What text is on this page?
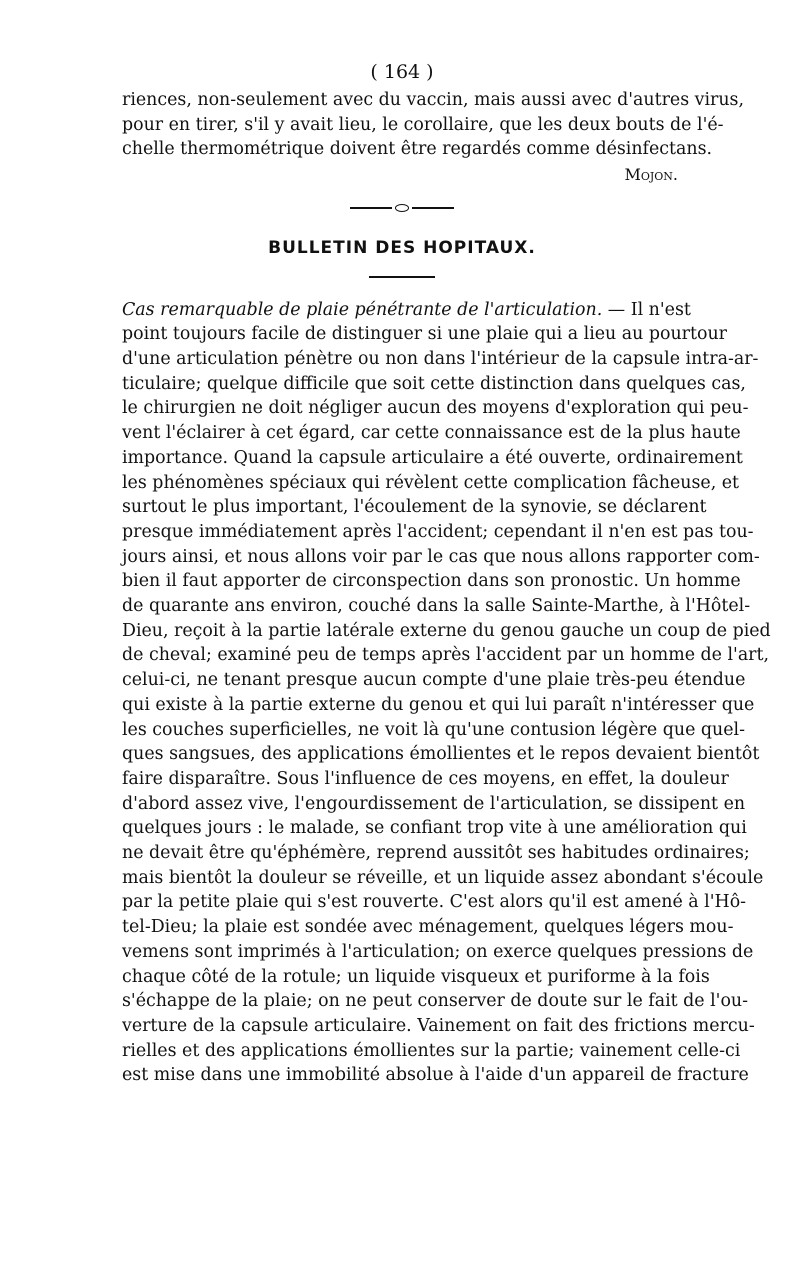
( 164 )
riences, non-seulement avec du vaccin, mais aussi avec d'autres virus,
pour en tirer, s'il y avait lieu, le corollaire, que les deux bouts de l'é-
chelle thermométrique doivent être regardés comme désinfectans.
Mojon.
BULLETIN DES HOPITAUX.
Cas remarquable de plaie pénétrante de l'articulation. — Il n'est
point toujours facile de distinguer si une plaie qui a lieu au pourtour
d'une articulation pénètre ou non dans l'intérieur de la capsule intra-ar-
ticulaire; quelque difficile que soit cette distinction dans quelques cas,
le chirurgien ne doit négliger aucun des moyens d'exploration qui peu-
vent l'éclairer à cet égard, car cette connaissance est de la plus haute
importance. Quand la capsule articulaire a été ouverte, ordinairement
les phénomènes spéciaux qui révèlent cette complication fâcheuse, et
surtout le plus important, l'écoulement de la synovie, se déclarent
presque immédiatement après l'accident; cependant il n'en est pas tou-
jours ainsi, et nous allons voir par le cas que nous allons rapporter com-
bien il faut apporter de circonspection dans son pronostic. Un homme
de quarante ans environ, couché dans la salle Sainte-Marthe, à l'Hôtel-
Dieu, reçoit à la partie latérale externe du genou gauche un coup de pied
de cheval; examiné peu de temps après l'accident par un homme de l'art,
celui-ci, ne tenant presque aucun compte d'une plaie très-peu étendue
qui existe à la partie externe du genou et qui lui paraît n'intéresser que
les couches superficielles, ne voit là qu'une contusion légère que quel-
ques sangsues, des applications émollientes et le repos devaient bientôt
faire disparaître. Sous l'influence de ces moyens, en effet, la douleur
d'abord assez vive, l'engourdissement de l'articulation, se dissipent en
quelques jours : le malade, se confiant trop vite à une amélioration qui
ne devait être qu'éphémère, reprend aussitôt ses habitudes ordinaires;
mais bientôt la douleur se réveille, et un liquide assez abondant s'écoule
par la petite plaie qui s'est rouverte. C'est alors qu'il est amené à l'Hô-
tel-Dieu; la plaie est sondée avec ménagement, quelques légers mou-
vemens sont imprimés à l'articulation; on exerce quelques pressions de
chaque côté de la rotule; un liquide visqueux et puriforme à la fois
s'échappe de la plaie; on ne peut conserver de doute sur le fait de l'ou-
verture de la capsule articulaire. Vainement on fait des frictions mercu-
rielles et des applications émollientes sur la partie; vainement celle-ci
est mise dans une immobilité absolue à l'aide d'un appareil de fracture
